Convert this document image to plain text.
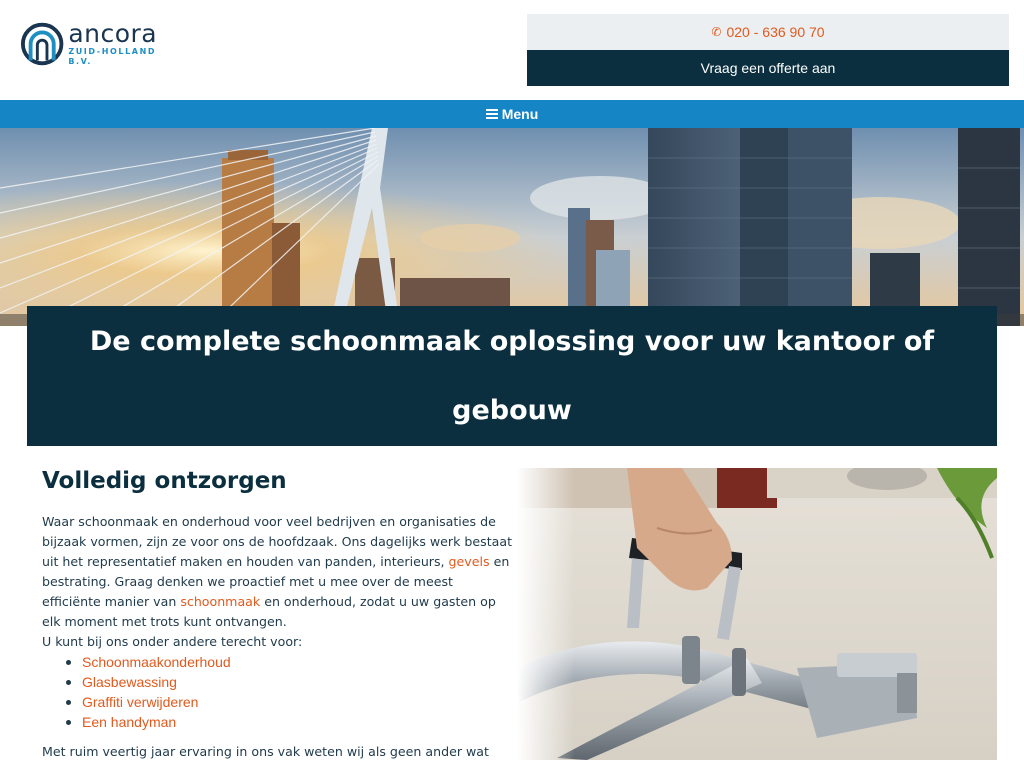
ancora
ZUID-HOLLAND B.V.
✆ 020 - 636 90 70
Vraag een offerte aan
Menu
De complete schoonmaak oplossing voor uw kantoor of gebouw
Volledig ontzorgen

Waar schoonmaak en onderhoud voor veel bedrijven en organisaties de bijzaak vormen, zijn ze voor ons de hoofdzaak. Ons dagelijks werk bestaat uit het representatief maken en houden van panden, interieurs, gevels en bestrating. Graag denken we proactief met u mee over de meest efficiënte manier van schoonmaak en onderhoud, zodat u uw gasten op elk moment met trots kunt ontvangen.

U kunt bij ons onder andere terecht voor:

Schoonmaakonderhoud
Glasbewassing
Graffiti verwijderen
Een handyman

Met ruim veertig jaar ervaring in ons vak weten wij als geen ander wat
